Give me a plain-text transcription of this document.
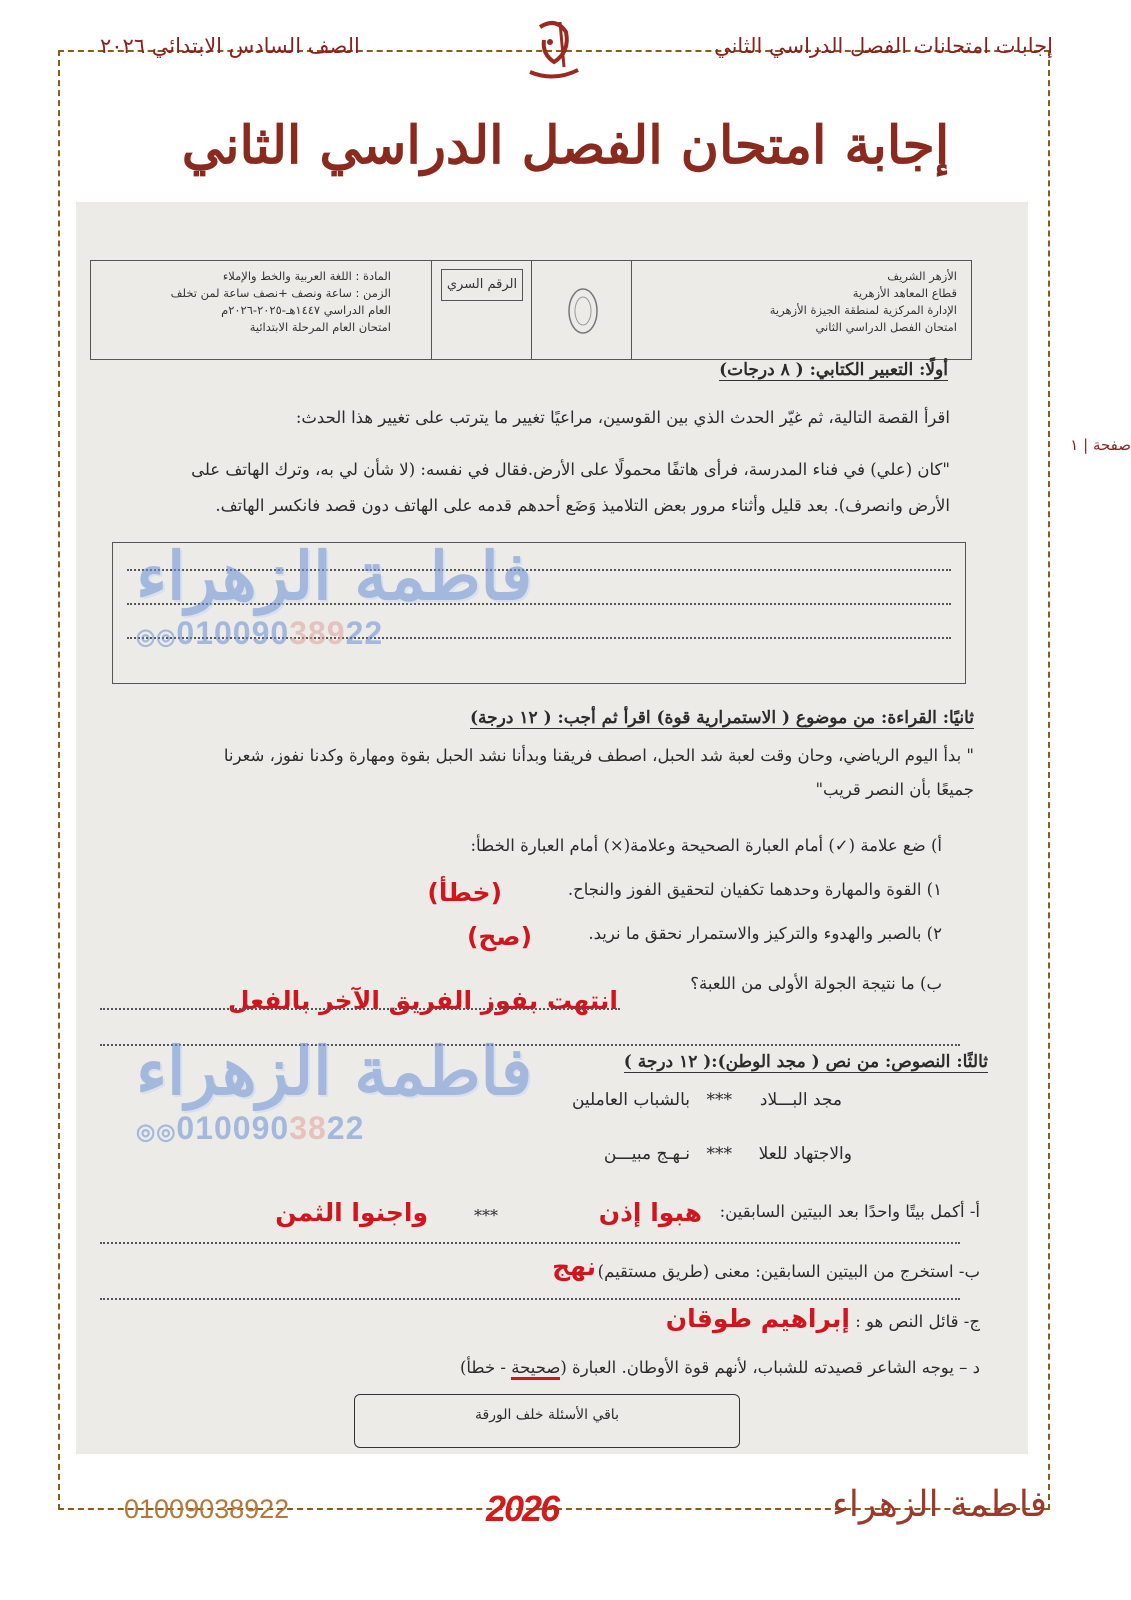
إجابات امتحانات الفصل الدراسي الثاني
الصف السادس الابتدائي ٢٠٢٦
إجابة امتحان الفصل الدراسي الثاني
صفحة | ١
الأزهر الشريف
قطاع المعاهد الأزهرية
الإدارة المركزية لمنطقة الجيزة الأزهرية
امتحان الفصل الدراسي الثاني
الرقم السري
المادة : اللغة العربية والخط والإملاء
الزمن : ساعة ونصف +نصف ساعة لمن تخلف
العام الدراسي ١٤٤٧هـ-٢٠٢٥-٢٠٢٦م
امتحان العام المرحلة الابتدائية
أولًا: التعبير الكتابي: ( ٨ درجات)
اقرأ القصة التالية، ثم غيّر الحدث الذي بين القوسين، مراعيًا تغيير ما يترتب على تغيير هذا الحدث:
"كان (علي) في فناء المدرسة، فرأى هاتفًا محمولًا على الأرض.فقال في نفسه: (لا شأن لي به، وترك الهاتف على
الأرض وانصرف). بعد قليل وأثناء مرور بعض التلاميذ وَضَع أحدهم قدمه على الهاتف دون قصد فانكسر الهاتف.
فاطمة الزهراء
◎◎01009038922
ثانيًا: القراءة: من موضوع ( الاستمرارية قوة) اقرأ ثم أجب: ( ١٢ درجة)
" بدأ اليوم الرياضي، وحان وقت لعبة شد الحبل، اصطف فريقنا وبدأنا نشد الحبل بقوة ومهارة وكدنا نفوز، شعرنا
جميعًا بأن النصر قريب"
أ) ضع علامة (✓) أمام العبارة الصحيحة وعلامة(×) أمام العبارة الخطأ:
١) القوة والمهارة وحدهما تكفيان لتحقيق الفوز والنجاح.
(خطأ)
٢) بالصبر والهدوء والتركيز والاستمرار نحقق ما نريد.
(صح)
ب) ما نتيجة الجولة الأولى من اللعبة؟
انتهت بفوز الفريق الآخر بالفعل
ثالثًا: النصوص: من نص ( مجد الوطن):( ١٢ درجة )
مجد البـــلاد
***
بالشباب العاملين
والاجتهاد للعلا
***
نـهـج مبيـــن
فاطمة الزهراء
◎◎0100903822
أ- أكمل بيتًا واحدًا بعد البيتين السابقين:
هبوا إذن
***
واجنوا الثمن
ب- استخرج من البيتين السابقين: معنى (طريق مستقيم)
نهج
ج- قائل النص هو :
إبراهيم طوقان
د – يوجه الشاعر قصيدته للشباب، لأنهم قوة الأوطان. العبارة (صحيحة - خطأ)
باقي الأسئلة خلف الورقة
01009038922	2026	فاطمة الزهراء
